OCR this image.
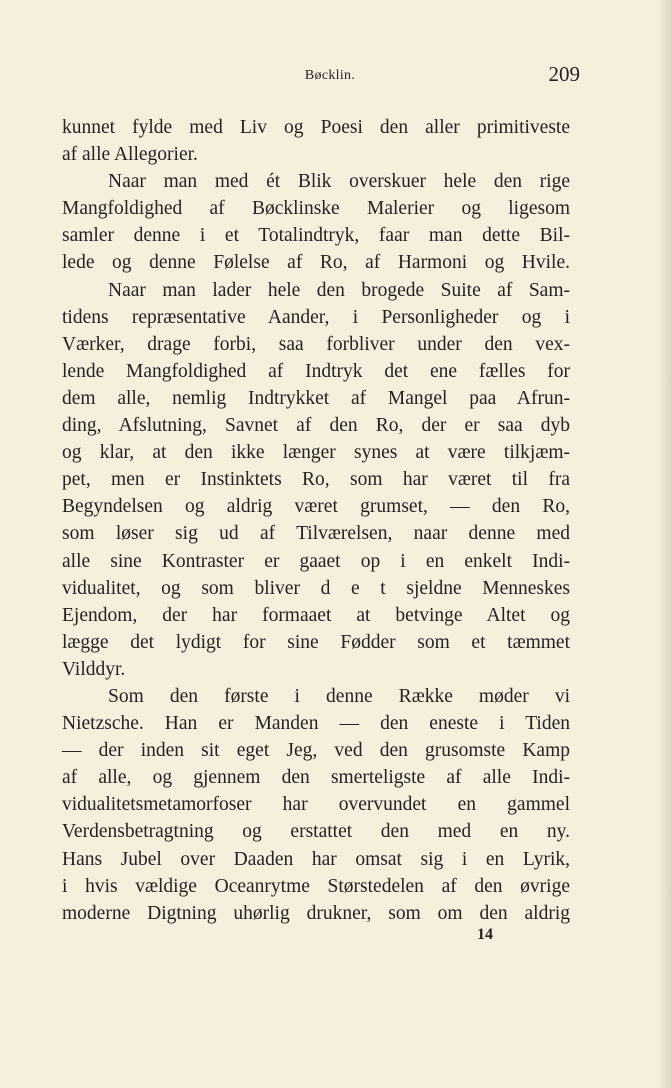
Bøcklin.	209
kunnet fylde med Liv og Poesi den aller primitiveste
af alle Allegorier.
Naar man med ét Blik overskuer hele den rige
Mangfoldighed af Bøcklinske Malerier og ligesom
samler denne i et Totalindtryk, faar man dette Bil-
lede og denne Følelse af Ro, af Harmoni og Hvile.
Naar man lader hele den brogede Suite af Sam-
tidens repræsentative Aander, i Personligheder og i
Værker, drage forbi, saa forbliver under den vex-
lende Mangfoldighed af Indtryk det ene fælles for
dem alle, nemlig Indtrykket af Mangel paa Afrun-
ding, Afslutning, Savnet af den Ro, der er saa dyb
og klar, at den ikke længer synes at være tilkjæm-
pet, men er Instinktets Ro, som har været til fra
Begyndelsen og aldrig været grumset, — den Ro,
som løser sig ud af Tilværelsen, naar denne med
alle sine Kontraster er gaaet op i en enkelt Indi-
vidualitet, og som bliver d e t sjeldne Menneskes
Ejendom, der har formaaet at betvinge Altet og
lægge det lydigt for sine Fødder som et tæmmet
Vilddyr.
Som den første i denne Række møder vi
Nietzsche. Han er Manden — den eneste i Tiden
— der inden sit eget Jeg, ved den grusomste Kamp
af alle, og gjennem den smerteligste af alle Indi-
vidualitetsmetamorfoser har overvundet en gammel
Verdensbetragtning og erstattet den med en ny.
Hans Jubel over Daaden har omsat sig i en Lyrik,
i hvis vældige Oceanrytme Størstedelen af den øvrige
moderne Digtning uhørlig drukner, som om den aldrig
14
